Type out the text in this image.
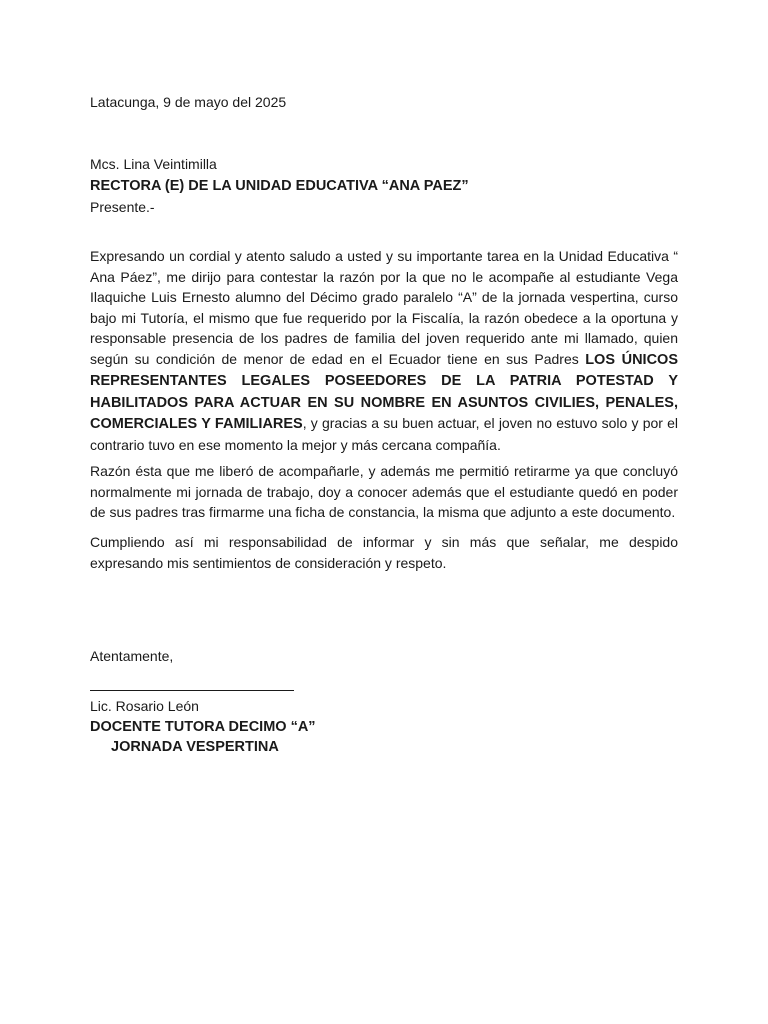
Latacunga, 9 de mayo del 2025

Mcs. Lina Veintimilla
RECTORA (E) DE LA UNIDAD EDUCATIVA “ANA PAEZ”
Presente.-

Expresando un cordial y atento saludo a usted y su importante tarea en la Unidad Educativa “ Ana Páez”, me dirijo para contestar la razón por la que no le acompañe al estudiante Vega Ilaquiche Luis Ernesto alumno del Décimo grado paralelo “A” de la jornada vespertina, curso bajo mi Tutoría, el mismo que fue requerido por la Fiscalía, la razón obedece a la oportuna y responsable presencia de los padres de familia del joven requerido ante mi llamado, quien según su condición de menor de edad en el Ecuador tiene en sus Padres LOS ÚNICOS REPRESENTANTES LEGALES POSEEDORES DE LA PATRIA POTESTAD Y HABILITADOS PARA ACTUAR EN SU NOMBRE EN ASUNTOS CIVILIES, PENALES, COMERCIALES Y FAMILIARES, y gracias a su buen actuar, el joven no estuvo solo y por el contrario tuvo en ese momento la mejor y más cercana compañía.

Razón ésta que me liberó de acompañarle, y además me permitió retirarme ya que concluyó normalmente mi jornada de trabajo, doy a conocer además que el estudiante quedó en poder de sus padres tras firmarme una ficha de constancia, la misma que adjunto a este documento.

Cumpliendo así mi responsabilidad de informar y sin más que señalar, me despido expresando mis sentimientos de consideración y respeto.

Atentamente,

Lic. Rosario León
DOCENTE TUTORA DECIMO “A”
JORNADA VESPERTINA
